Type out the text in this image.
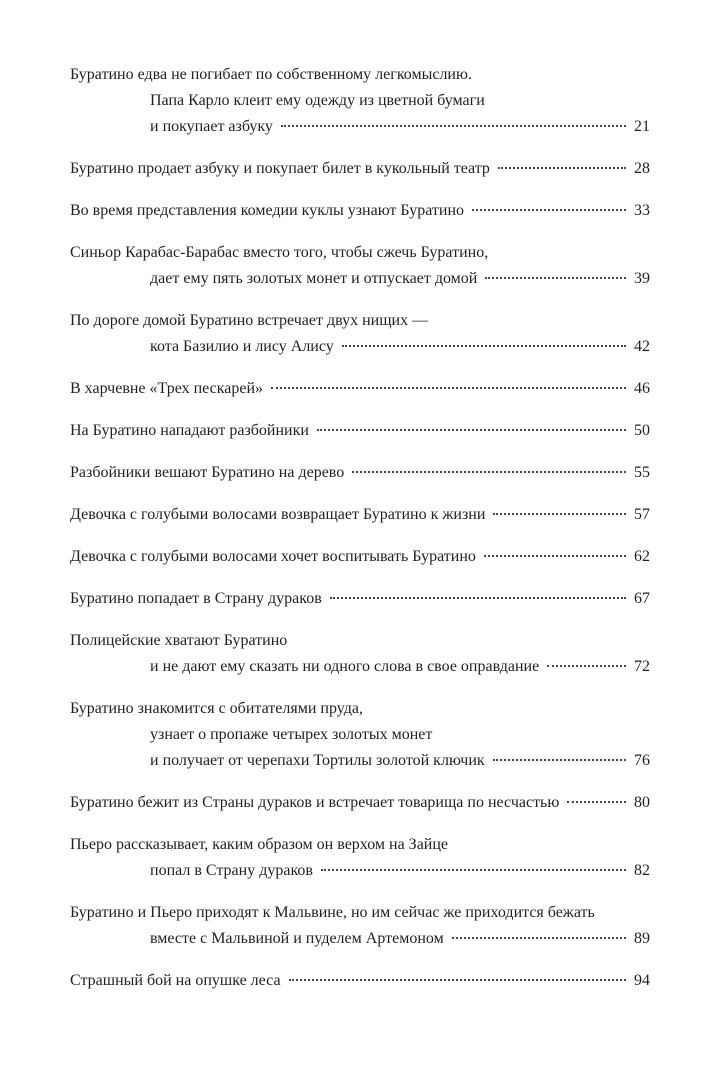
Буратино едва не погибает по собственному легкомыслию.
Папа Карло клеит ему одежду из цветной бумаги
и покупает азбуку	21
Буратино продает азбуку и покупает билет в кукольный театр	28
Во время представления комедии куклы узнают Буратино	33
Синьор Карабас-Барабас вместо того, чтобы сжечь Буратино,
дает ему пять золотых монет и отпускает домой	39
По дороге домой Буратино встречает двух нищих —
кота Базилио и лису Алису	42
В харчевне «Трех пескарей»	46
На Буратино нападают разбойники	50
Разбойники вешают Буратино на дерево	55
Девочка с голубыми волосами возвращает Буратино к жизни	57
Девочка с голубыми волосами хочет воспитывать Буратино	62
Буратино попадает в Страну дураков	67
Полицейские хватают Буратино
и не дают ему сказать ни одного слова в свое оправдание	72
Буратино знакомится с обитателями пруда,
узнает о пропаже четырех золотых монет
и получает от черепахи Тортилы золотой ключик	76
Буратино бежит из Страны дураков и встречает товарища по несчастью	80
Пьеро рассказывает, каким образом он верхом на Зайце
попал в Страну дураков	82
Буратино и Пьеро приходят к Мальвине, но им сейчас же приходится бежать
вместе с Мальвиной и пуделем Артемоном	89
Страшный бой на опушке леса	94
